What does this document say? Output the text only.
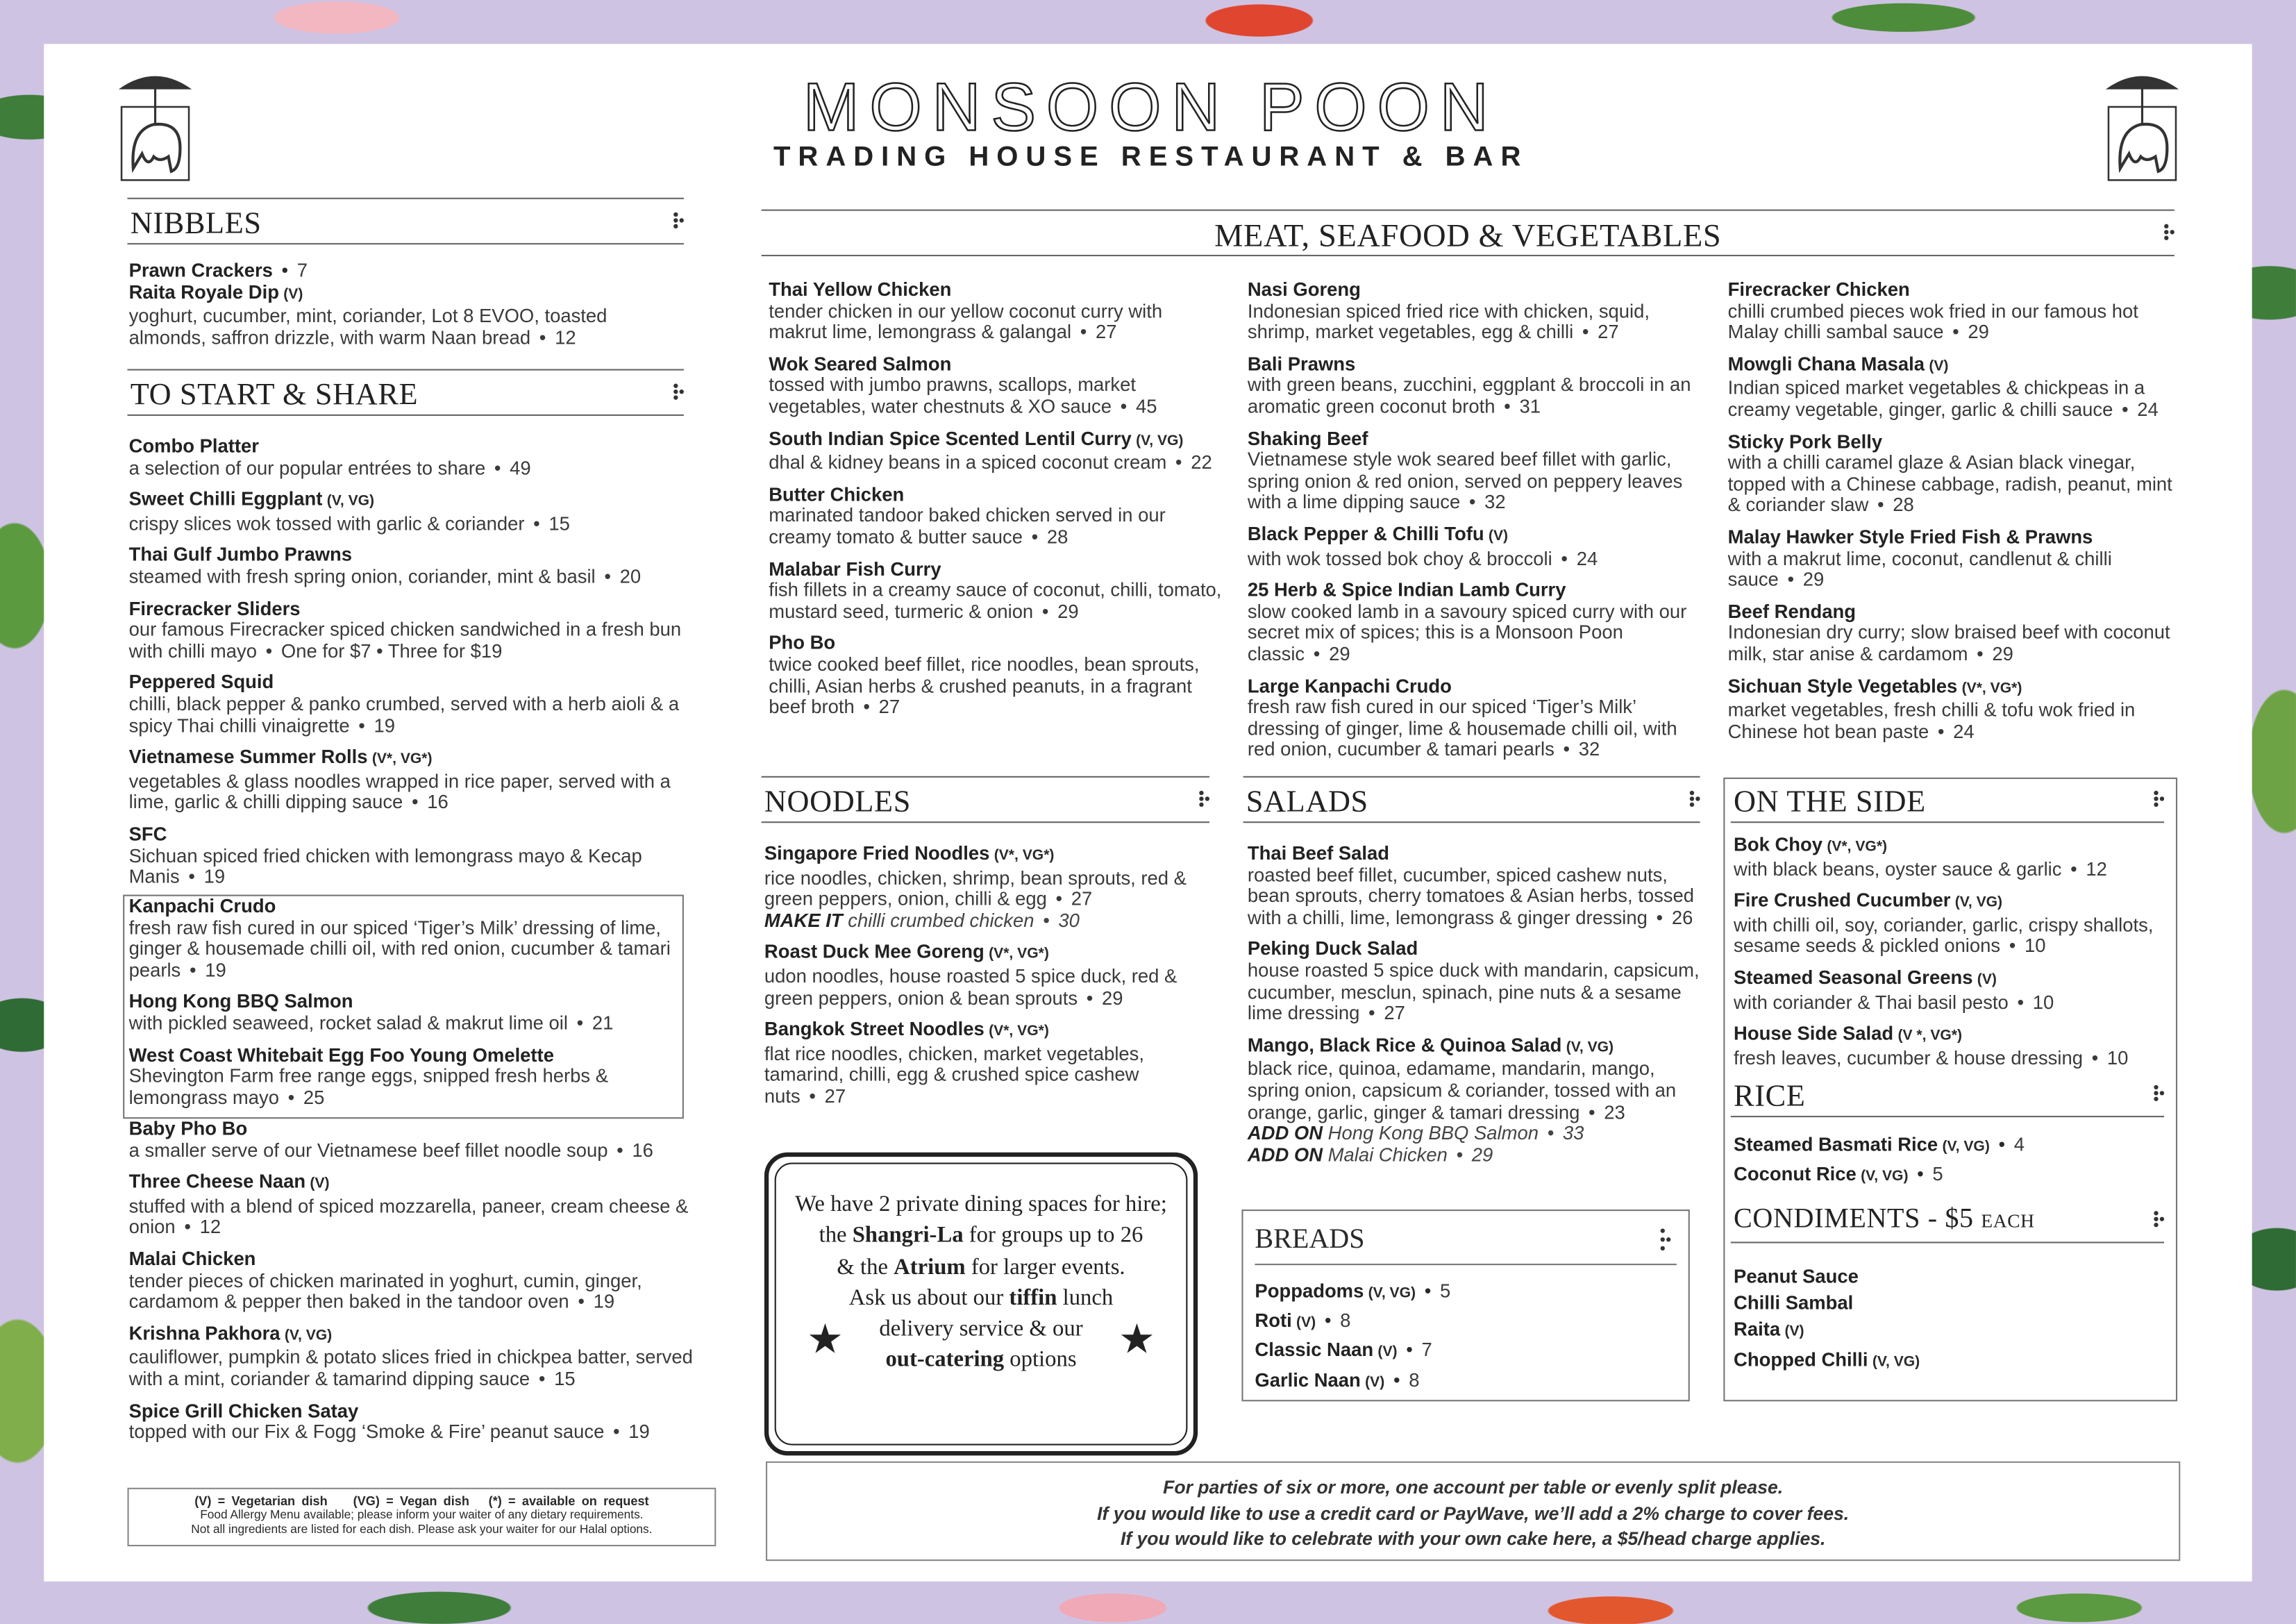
MONSOON POON
TRADING HOUSE RESTAURANT & BAR
NIBBLES

Prawn Crackers • 7
Raita Royale Dip (V)
yoghurt, cucumber, mint, coriander, Lot 8 EVOO, toasted almonds, saffron drizzle, with warm Naan bread • 12
TO START & SHARE

Combo Platter
a selection of our popular entrées to share • 49
Sweet Chilli Eggplant (V, VG)
crispy slices wok tossed with garlic & coriander • 15
Thai Gulf Jumbo Prawns
steamed with fresh spring onion, coriander, mint & basil • 20
Firecracker Sliders
our famous Firecracker spiced chicken sandwiched in a fresh bun with chilli mayo • One for $7 • Three for $19
Peppered Squid
chilli, black pepper & panko crumbed, served with a herb aioli & a spicy Thai chilli vinaigrette • 19
Vietnamese Summer Rolls (V*, VG*)
vegetables & glass noodles wrapped in rice paper, served with a lime, garlic & chilli dipping sauce • 16
SFC
Sichuan spiced fried chicken with lemongrass mayo & Kecap Manis • 19
Kanpachi Crudo
fresh raw fish cured in our spiced ‘Tiger’s Milk’ dressing of lime, ginger & housemade chilli oil, with red onion, cucumber & tamari pearls • 19
Hong Kong BBQ Salmon
with pickled seaweed, rocket salad & makrut lime oil • 21
West Coast Whitebait Egg Foo Young Omelette
Shevington Farm free range eggs, snipped fresh herbs & lemongrass mayo • 25
Baby Pho Bo
a smaller serve of our Vietnamese beef fillet noodle soup • 16
Three Cheese Naan (V)
stuffed with a blend of spiced mozzarella, paneer, cream cheese & onion • 12
Malai Chicken
tender pieces of chicken marinated in yoghurt, cumin, ginger, cardamom & pepper then baked in the tandoor oven • 19
Krishna Pakhora (V, VG)
cauliflower, pumpkin & potato slices fried in chickpea batter, served with a mint, coriander & tamarind dipping sauce • 15
Spice Grill Chicken Satay
topped with our Fix & Fogg ‘Smoke & Fire’ peanut sauce • 19
(V) = Vegetarian dish    (VG) = Vegan dish   (*) = available on request
Food Allergy Menu available; please inform your waiter of any dietary requirements.
Not all ingredients are listed for each dish. Please ask your waiter for our Halal options.
MEAT, SEAFOOD & VEGETABLES

Thai Yellow Chicken
tender chicken in our yellow coconut curry with makrut lime, lemongrass & galangal • 27
Wok Seared Salmon
tossed with jumbo prawns, scallops, market vegetables, water chestnuts & XO sauce • 45
South Indian Spice Scented Lentil Curry (V, VG)
dhal & kidney beans in a spiced coconut cream • 22
Butter Chicken
marinated tandoor baked chicken served in our creamy tomato & butter sauce • 28
Malabar Fish Curry
fish fillets in a creamy sauce of coconut, chilli, tomato, mustard seed, turmeric & onion • 29
Pho Bo
twice cooked beef fillet, rice noodles, bean sprouts, chilli, Asian herbs & crushed peanuts, in a fragrant beef broth • 27
Nasi Goreng
Indonesian spiced fried rice with chicken, squid, shrimp, market vegetables, egg & chilli • 27
Bali Prawns
with green beans, zucchini, eggplant & broccoli in an aromatic green coconut broth • 31
Shaking Beef
Vietnamese style wok seared beef fillet with garlic, spring onion & red onion, served on peppery leaves with a lime dipping sauce • 32
Black Pepper & Chilli Tofu (V)
with wok tossed bok choy & broccoli • 24
25 Herb & Spice Indian Lamb Curry
slow cooked lamb in a savoury spiced curry with our secret mix of spices; this is a Monsoon Poon classic • 29
Large Kanpachi Crudo
fresh raw fish cured in our spiced ‘Tiger’s Milk’ dressing of ginger, lime & housemade chilli oil, with red onion, cucumber & tamari pearls • 32
Firecracker Chicken
chilli crumbed pieces wok fried in our famous hot Malay chilli sambal sauce • 29
Mowgli Chana Masala (V)
Indian spiced market vegetables & chickpeas in a creamy vegetable, ginger, garlic & chilli sauce • 24
Sticky Pork Belly
with a chilli caramel glaze & Asian black vinegar, topped with a Chinese cabbage, radish, peanut, mint & coriander slaw • 28
Malay Hawker Style Fried Fish & Prawns
with a makrut lime, coconut, candlenut & chilli sauce • 29
Beef Rendang
Indonesian dry curry; slow braised beef with coconut milk, star anise & cardamom • 29
Sichuan Style Vegetables (V*, VG*)
market vegetables, fresh chilli & tofu wok fried in Chinese hot bean paste • 24
NOODLES

Singapore Fried Noodles (V*, VG*)
rice noodles, chicken, shrimp, bean sprouts, red & green peppers, onion, chilli & egg • 27
MAKE IT chilli crumbed chicken • 30
Roast Duck Mee Goreng (V*, VG*)
udon noodles, house roasted 5 spice duck, red & green peppers, onion & bean sprouts • 29
Bangkok Street Noodles (V*, VG*)
flat rice noodles, chicken, market vegetables, tamarind, chilli, egg & crushed spice cashew nuts • 27
SALADS

Thai Beef Salad
roasted beef fillet, cucumber, spiced cashew nuts, bean sprouts, cherry tomatoes & Asian herbs, tossed with a chilli, lime, lemongrass & ginger dressing • 26
Peking Duck Salad
house roasted 5 spice duck with mandarin, capsicum, cucumber, mesclun, spinach, pine nuts & a sesame lime dressing • 27
Mango, Black Rice & Quinoa Salad (V, VG)
black rice, quinoa, edamame, mandarin, mango, spring onion, capsicum & coriander, tossed with an orange, garlic, ginger & tamari dressing • 23
ADD ON Hong Kong BBQ Salmon • 33
ADD ON Malai Chicken • 29
We have 2 private dining spaces for hire;
the Shangri-La for groups up to 26
& the Atrium for larger events.
Ask us about our tiffin lunch
delivery service & our
out-catering options
★	★
BREADS

Poppadoms (V, VG) • 5
Roti (V) • 8
Classic Naan (V) • 7
Garlic Naan (V) • 8
ON THE SIDE

Bok Choy (V*, VG*)
with black beans, oyster sauce & garlic • 12
Fire Crushed Cucumber (V, VG)
with chilli oil, soy, coriander, garlic, crispy shallots, sesame seeds & pickled onions • 10
Steamed Seasonal Greens (V)
with coriander & Thai basil pesto • 10
House Side Salad (V *, VG*)
fresh leaves, cucumber & house dressing • 10
RICE

Steamed Basmati Rice (V, VG) • 4
Coconut Rice (V, VG) • 5
CONDIMENTS - $5 EACH

Peanut Sauce
Chilli Sambal
Raita (V)
Chopped Chilli (V, VG)
For parties of six or more, one account per table or evenly split please.
If you would like to use a credit card or PayWave, we’ll add a 2% charge to cover fees.
If you would like to celebrate with your own cake here, a $5/head charge applies.
